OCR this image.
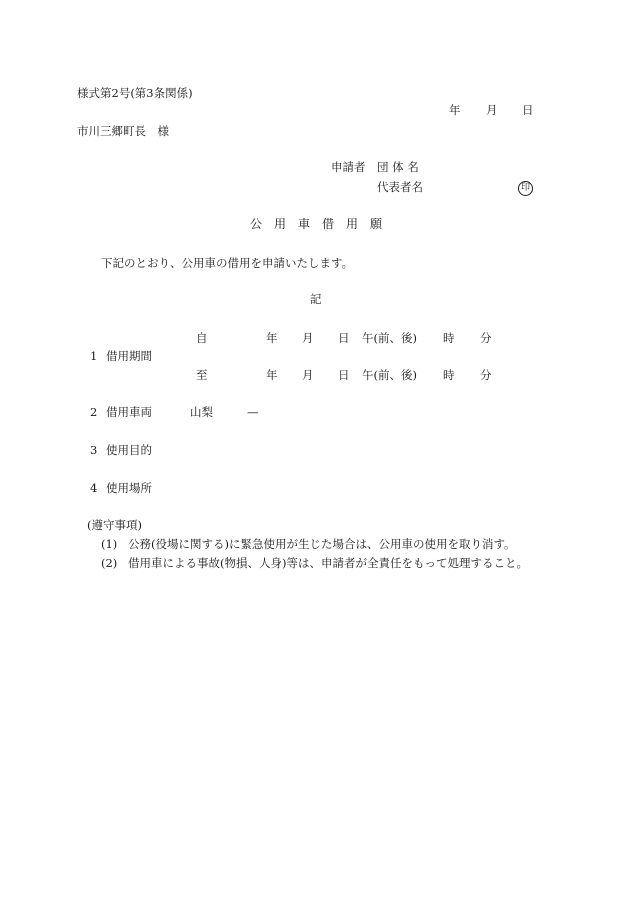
様式第2号(第3条関係)
年 月 日
市川三郷町長　様
申請者 団 体 名
代表者名	印
公　用　車　借　用　願
下記のとおり、公用車の借用を申請いたします。
記
1 借用期間
自	年 月 日 午(前、後) 時 分
至	年 月 日 午(前、後) 時 分
2 借用車両	山梨	—
3 使用目的
4 使用場所
(遵守事項)
(1) 公務(役場に関する)に緊急使用が生じた場合は、公用車の使用を取り消す。
(2) 借用車による事故(物損、人身)等は、申請者が全責任をもって処理すること。
